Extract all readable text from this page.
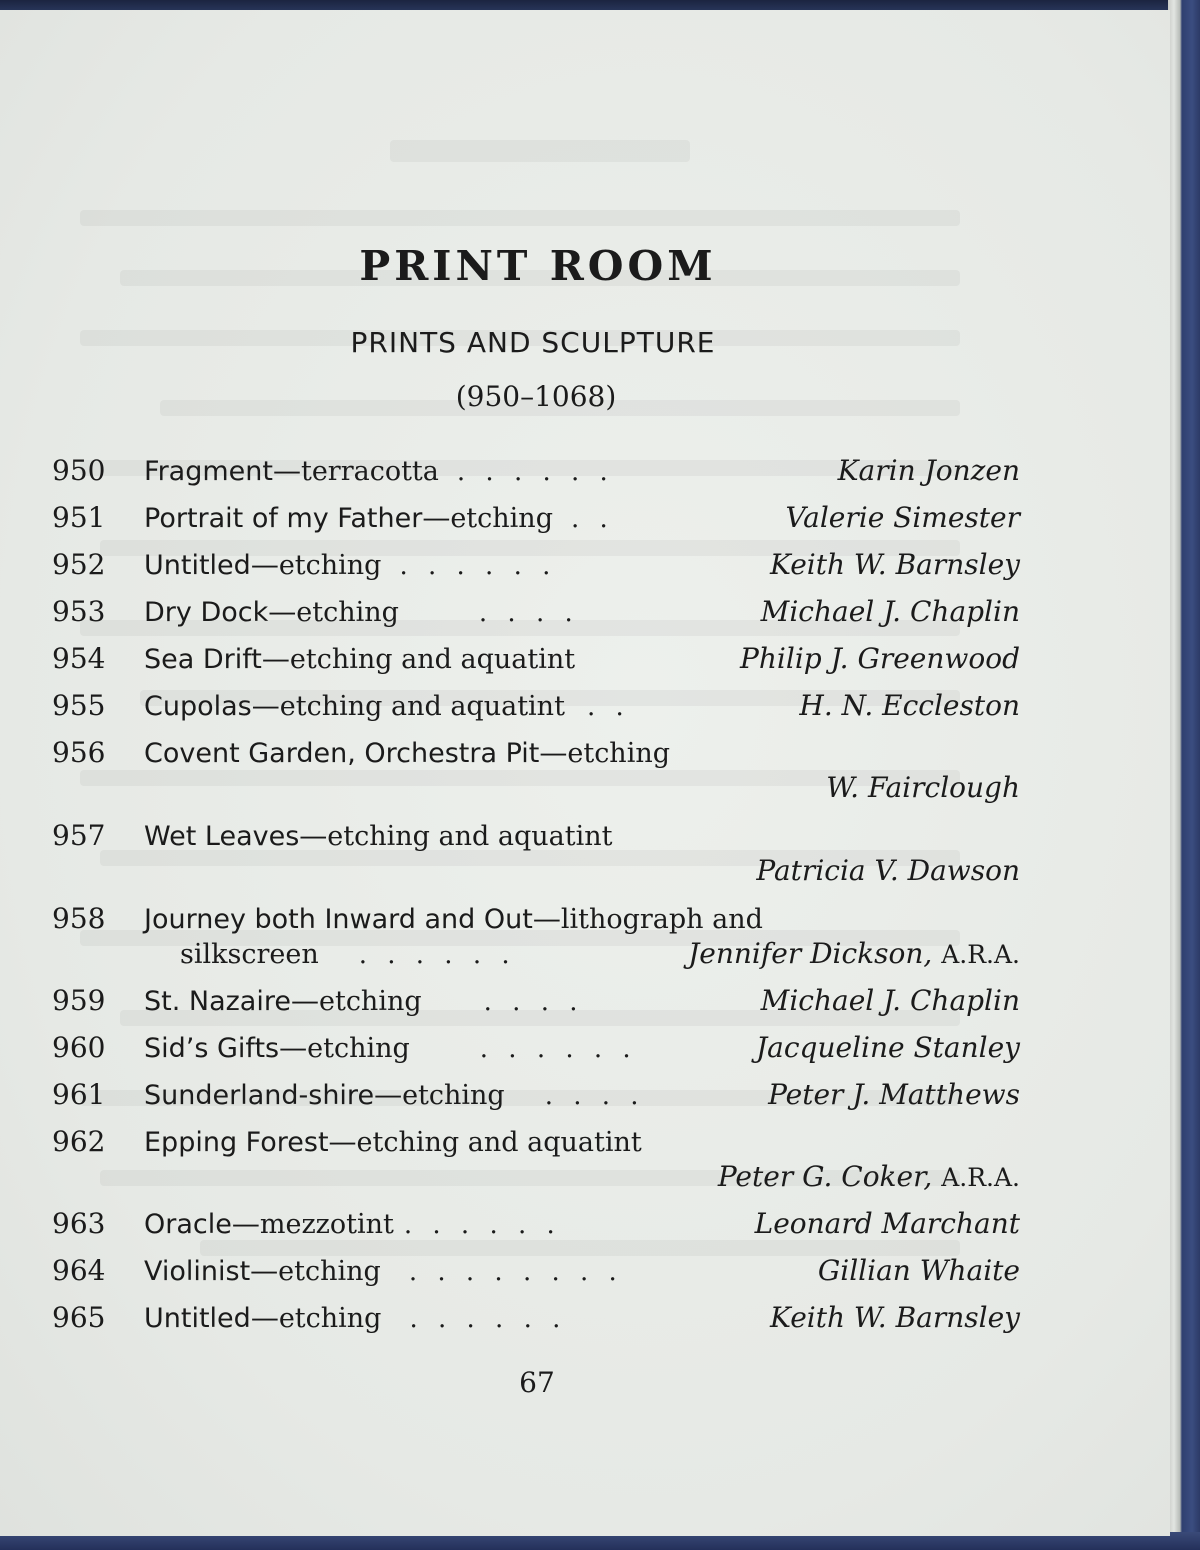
PRINT ROOM
PRINTS AND SCULPTURE
(950–1068)
950 Fragment—terracotta . . . . . .	Karin Jonzen
951 Portrait of my Father—etching . .	Valerie Simester
952 Untitled—etching . . . . . .	Keith W. Barnsley
953 Dry Dock—etching	. . . .	Michael J. Chaplin
954 Sea Drift—etching and aquatint	Philip J. Greenwood
955 Cupolas—etching and aquatint . .	H. N. Eccleston
956 Covent Garden, Orchestra Pit—etching
W. Fairclough
957 Wet Leaves—etching and aquatint
Patricia V. Dawson
958 Journey both Inward and Out—lithograph and
silkscreen . . . . . .	Jennifer Dickson, A.R.A.
959 St. Nazaire—etching . . . .	Michael J. Chaplin
960 Sid’s Gifts—etching	. . . . . .	Jacqueline Stanley
961 Sunderland-shire—etching . . . .	Peter J. Matthews
962 Epping Forest—etching and aquatint
Peter G. Coker, A.R.A.
963 Oracle—mezzotint . . . . . .	Leonard Marchant
964 Violinist—etching . . . . . . . .	Gillian Whaite
965 Untitled—etching . . . . . .	Keith W. Barnsley
67
